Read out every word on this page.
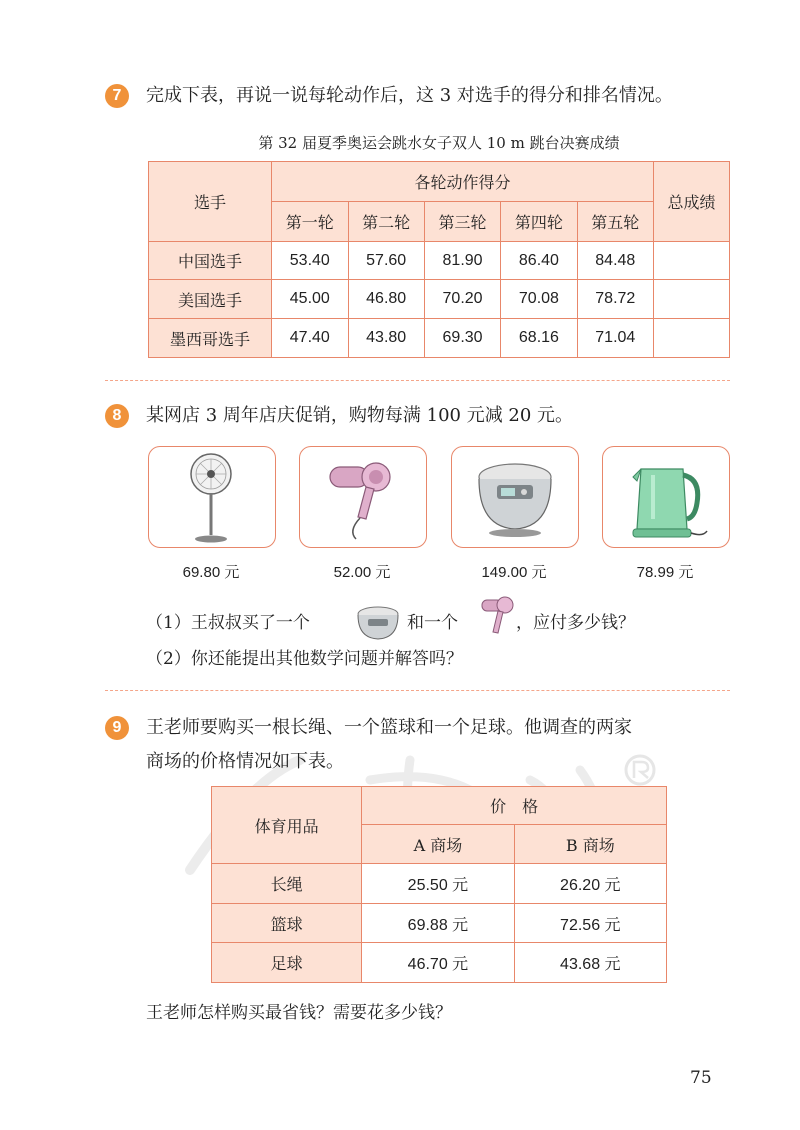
7	完成下表，再说一说每轮动作后，这 3 对选手的得分和排名情况。
第 32 届夏季奥运会跳水女子双人 10 m 跳台决赛成绩
选手	各轮动作得分					总成绩
	第一轮	第二轮	第三轮	第四轮	第五轮	
中国选手	53.40	57.60	81.90	86.40	84.48	
美国选手	45.00	46.80	70.20	70.08	78.72	
墨西哥选手	47.40	43.80	69.30	68.16	71.04	
8	某网店 3 周年店庆促销，购物每满 100 元减 20 元。
69.80 元	52.00 元	149.00 元	78.99 元
（1）王叔叔买了一个	和一个	，应付多少钱？
（2）你还能提出其他数学问题并解答吗？
9	王老师要购买一根长绳、一个篮球和一个足球。他调查的两家
商场的价格情况如下表。
体育用品	价　格	
	A 商场	B 商场
长绳	25.50 元	26.20 元
篮球	69.88 元	72.56 元
足球	46.70 元	43.68 元
王老师怎样购买最省钱？需要花多少钱？
75
